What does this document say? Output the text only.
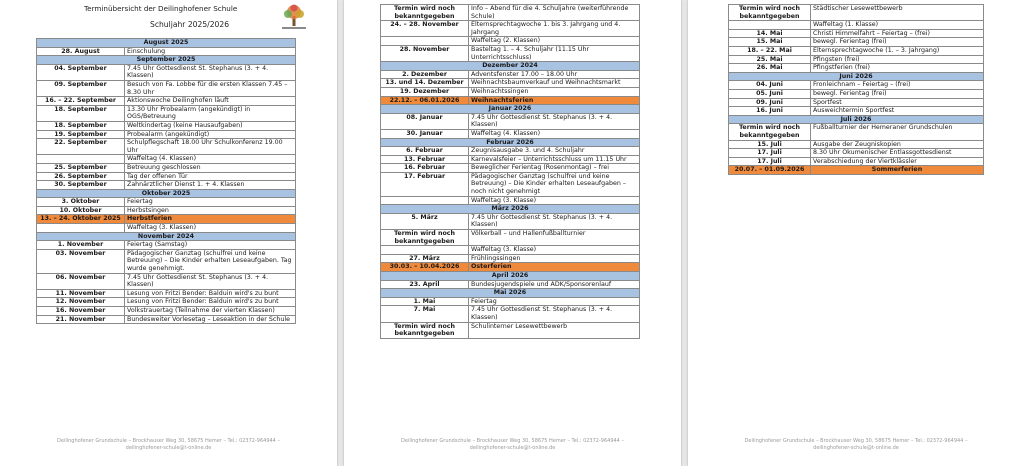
Terminübersicht der Deilinghofener Schule
Schuljahr 2025/2026
August 2025	
28. August	Einschulung
September 2025	
04. September	7.45 Uhr Gottesdienst St. Stephanus (3. + 4. Klassen)
09. September	Besuch von Fa. Lobbe für die ersten Klassen 7.45 – 8.30 Uhr
16. – 22. September	Aktionswoche Deilinghofen läuft
18. September	13.30 Uhr Probealarm (angekündigt) in OGS/Betreuung
18. September	Weltkindertag (keine Hausaufgaben)
19. September	Probealarm (angekündigt)
22. September	Schulpflegschaft 18.00 Uhr Schulkonferenz 19.00 Uhr
	Waffeltag (4. Klassen)
25. September	Betreuung geschlossen
26. September	Tag der offenen Tür
30. September	Zahnärztlicher Dienst 1. + 4. Klassen
Oktober 2025	
3. Oktober	Feiertag
10. Oktober	Herbstsingen
13. – 24. Oktober 2025	Herbstferien
	Waffeltag (3. Klassen)
November 2024	
1. November	Feiertag (Samstag)
03. November	Pädagogischer Ganztag (schulfrei und keine Betreuung) – Die Kinder erhalten Leseaufgaben. Tag wurde genehmigt.
06. November	7.45 Uhr Gottesdienst St. Stephanus (3. + 4. Klassen)
11. November	Lesung von Fritzi Bender: Balduin wird's zu bunt
12. November	Lesung von Fritzi Bender: Balduin wird's zu bunt
16. November	Volkstrauertag (Teilnahme der vierten Klassen)
21. November	Bundesweiter Vorlesetag – Leseaktion in der Schule
Deilinghofener Grundschule – Brockhauser Weg 30, 58675 Hemer – Tel.: 02372-964944 –
deilinghofener-schule@t-online.de
Termin wird noch bekanntgegeben	Info – Abend für die 4. Schuljahre (weiterführende Schule)
24. – 28. November	Elternsprechtagwoche 1. bis 3. Jahrgang und 4. Jahrgang
	Waffeltag (2. Klassen)
28. November	Basteltag 1. – 4. Schuljahr (11.15 Uhr Unterrichtsschluss)
Dezember 2024	
2. Dezember	Adventsfenster 17.00 – 18.00 Uhr
13. und 14. Dezember	Weihnachtsbaumverkauf und Weihnachtsmarkt
19. Dezember	Weihnachtssingen
22.12. – 06.01.2026	Weihnachtsferien
Januar 2026	
08. Januar	7.45 Uhr Gottesdienst St. Stephanus (3. + 4. Klassen)
30. Januar	Waffeltag (4. Klassen)
Februar 2026	
6. Februar	Zeugnisausgabe 3. und 4. Schuljahr
13. Februar	Karnevalsfeier – Unterrichtsschluss um 11.15 Uhr
16. Februar	Beweglicher Ferientag (Rosenmontag) – frei
17. Februar	Pädagogischer Ganztag (schulfrei und keine Betreuung) – Die Kinder erhalten Leseaufgaben – noch nicht genehmigt
	Waffeltag (3. Klasse)
März 2026	
5. März	7.45 Uhr Gottesdienst St. Stephanus (3. + 4. Klassen)
Termin wird noch bekanntgegeben	Völkerball – und Hallenfußballturnier
	Waffeltag (3. Klasse)
27. März	Frühlingssingen
30.03. – 10.04.2026	Osterferien
April 2026	
23. April	Bundesjugendspiele und ADK/Sponsorenlauf
Mai 2026	
1. Mai	Feiertag
7. Mai	7.45 Uhr Gottesdienst St. Stephanus (3. + 4. Klassen)
Termin wird noch bekanntgegeben	Schulinterner Lesewettbewerb
Deilinghofener Grundschule – Brockhauser Weg 30, 58675 Hemer – Tel.: 02372-964944 –
deilinghofener-schule@t-online.de
Termin wird noch bekanntgegeben	Städtischer Lesewettbewerb
	Waffeltag (1. Klasse)
14. Mai	Christi Himmelfahrt – Feiertag – (frei)
15. Mai	bewegl. Ferientag (frei)
18. – 22. Mai	Elternsprechtagwoche (1. – 3. Jahrgang)
25. Mai	Pfingsten (frei)
26. Mai	Pfingstferien (frei)
Juni 2026	
04. Juni	Fronleichnam – Feiertag – (frei)
05. Juni	bewegl. Ferientag (frei)
09. Juni	Sportfest
16. Juni	Ausweichtermin Sportfest
Juli 2026	
Termin wird noch bekanntgegeben	Fußballturnier der Hemeraner Grundschulen
15. Juli	Ausgabe der Zeugniskopien
17. Juli	8.30 Uhr Ökumenischer Entlassgottesdienst
17. Juli	Verabschiedung der Viertklässler
20.07. – 01.09.2026	Sommerferien
Deilinghofener Grundschule – Brockhauser Weg 30, 58675 Hemer – Tel.: 02372-964944 –
deilinghofener-schule@t-online.de
